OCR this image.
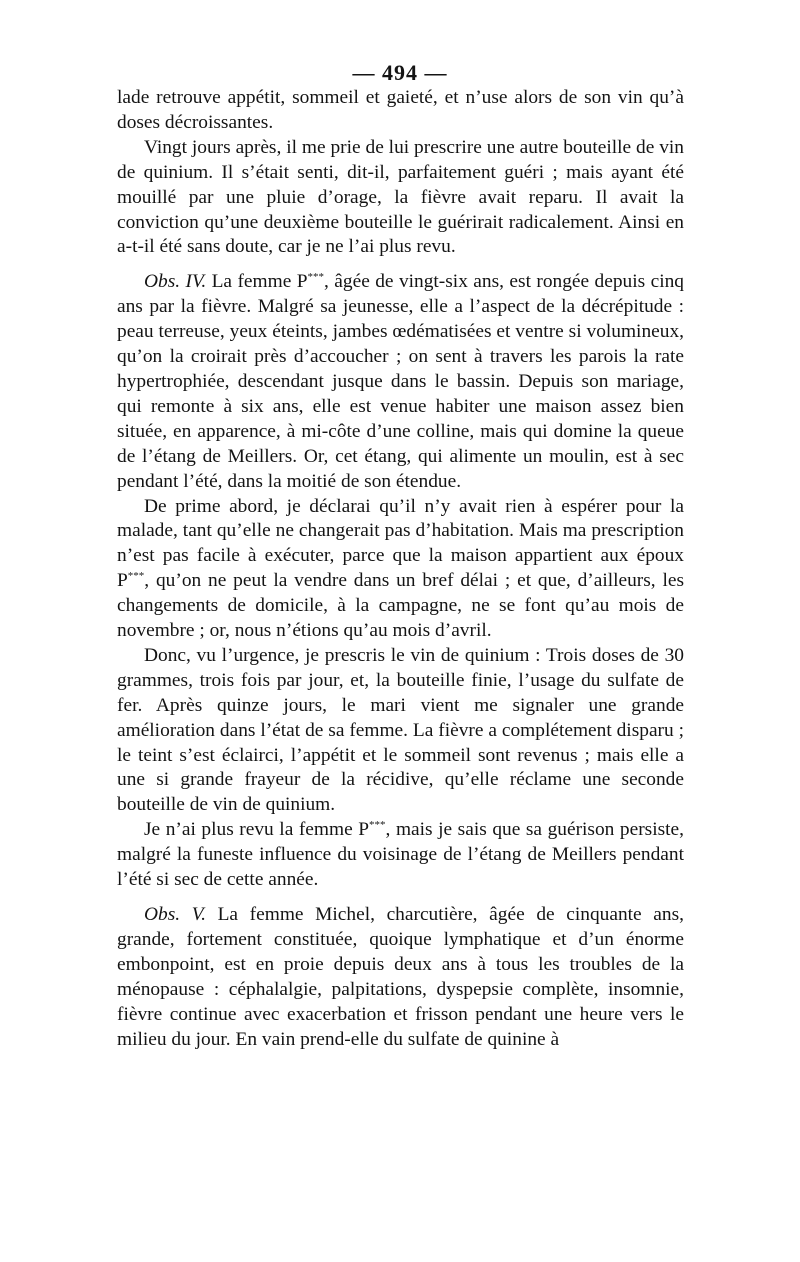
— 494 —

lade retrouve appétit, sommeil et gaieté, et n’use alors de son vin qu’à doses décroissantes.

Vingt jours après, il me prie de lui prescrire une autre bouteille de vin de quinium. Il s’était senti, dit-il, parfaitement guéri ; mais ayant été mouillé par une pluie d’orage, la fièvre avait reparu. Il avait la conviction qu’une deuxième bouteille le guérirait radicalement. Ainsi en a-t-il été sans doute, car je ne l’ai plus revu.

Obs. IV. La femme P***, âgée de vingt-six ans, est rongée depuis cinq ans par la fièvre. Malgré sa jeunesse, elle a l’aspect de la décrépitude : peau terreuse, yeux éteints, jambes œdématisées et ventre si volumineux, qu’on la croirait près d’accoucher ; on sent à travers les parois la rate hypertrophiée, descendant jusque dans le bassin. Depuis son mariage, qui remonte à six ans, elle est venue habiter une maison assez bien située, en apparence, à mi-côte d’une colline, mais qui domine la queue de l’étang de Meillers. Or, cet étang, qui alimente un moulin, est à sec pendant l’été, dans la moitié de son étendue.

De prime abord, je déclarai qu’il n’y avait rien à espérer pour la malade, tant qu’elle ne changerait pas d’habitation. Mais ma prescription n’est pas facile à exécuter, parce que la maison appartient aux époux P***, qu’on ne peut la vendre dans un bref délai ; et que, d’ailleurs, les changements de domicile, à la campagne, ne se font qu’au mois de novembre ; or, nous n’étions qu’au mois d’avril.

Donc, vu l’urgence, je prescris le vin de quinium : Trois doses de 30 grammes, trois fois par jour, et, la bouteille finie, l’usage du sulfate de fer. Après quinze jours, le mari vient me signaler une grande amélioration dans l’état de sa femme. La fièvre a complétement disparu ; le teint s’est éclairci, l’appétit et le sommeil sont revenus ; mais elle a une si grande frayeur de la récidive, qu’elle réclame une seconde bouteille de vin de quinium.

Je n’ai plus revu la femme P***, mais je sais que sa guérison persiste, malgré la funeste influence du voisinage de l’étang de Meillers pendant l’été si sec de cette année.

Obs. V. La femme Michel, charcutière, âgée de cinquante ans, grande, fortement constituée, quoique lymphatique et d’un énorme embonpoint, est en proie depuis deux ans à tous les troubles de la ménopause : céphalalgie, palpitations, dyspepsie complète, insomnie, fièvre continue avec exacerbation et frisson pendant une heure vers le milieu du jour. En vain prend-elle du sulfate de quinine à
